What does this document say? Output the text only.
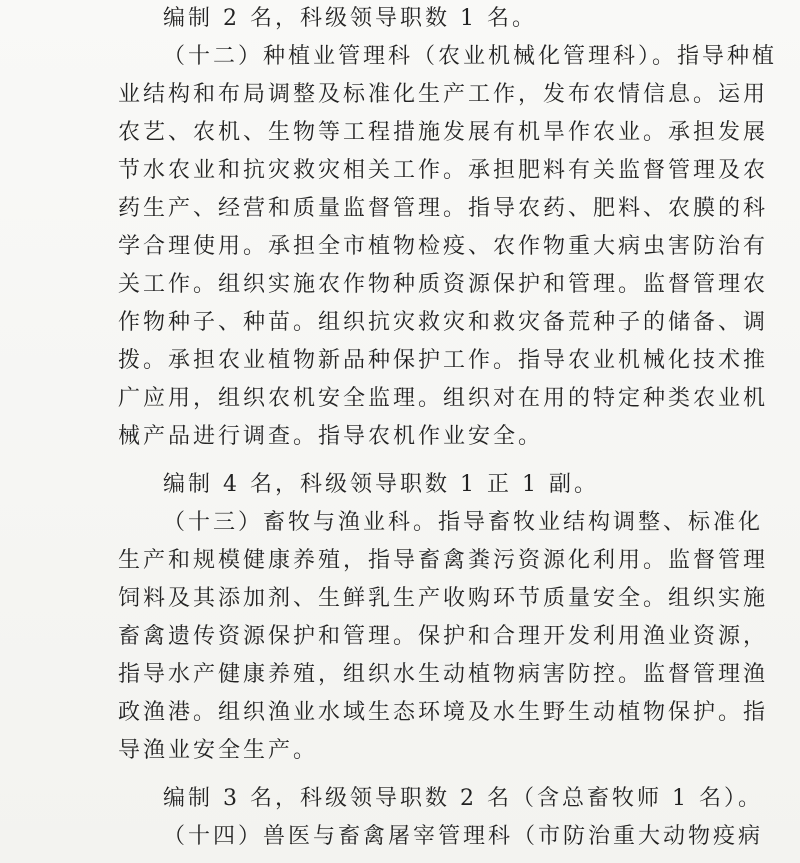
编制 2 名，科级领导职数 1 名。
（十二）种植业管理科（农业机械化管理科）。指导种植
业结构和布局调整及标准化生产工作，发布农情信息。运用
农艺、农机、生物等工程措施发展有机旱作农业。承担发展
节水农业和抗灾救灾相关工作。承担肥料有关监督管理及农
药生产、经营和质量监督管理。指导农药、肥料、农膜的科
学合理使用。承担全市植物检疫、农作物重大病虫害防治有
关工作。组织实施农作物种质资源保护和管理。监督管理农
作物种子、种苗。组织抗灾救灾和救灾备荒种子的储备、调
拨。承担农业植物新品种保护工作。指导农业机械化技术推
广应用，组织农机安全监理。组织对在用的特定种类农业机
械产品进行调查。指导农机作业安全。
编制 4 名，科级领导职数 1 正 1 副。
（十三）畜牧与渔业科。指导畜牧业结构调整、标准化
生产和规模健康养殖，指导畜禽粪污资源化利用。监督管理
饲料及其添加剂、生鲜乳生产收购环节质量安全。组织实施
畜禽遗传资源保护和管理。保护和合理开发利用渔业资源，
指导水产健康养殖，组织水生动植物病害防控。监督管理渔
政渔港。组织渔业水域生态环境及水生野生动植物保护。指
导渔业安全生产。
编制 3 名，科级领导职数 2 名（含总畜牧师 1 名）。
（十四）兽医与畜禽屠宰管理科（市防治重大动物疫病
